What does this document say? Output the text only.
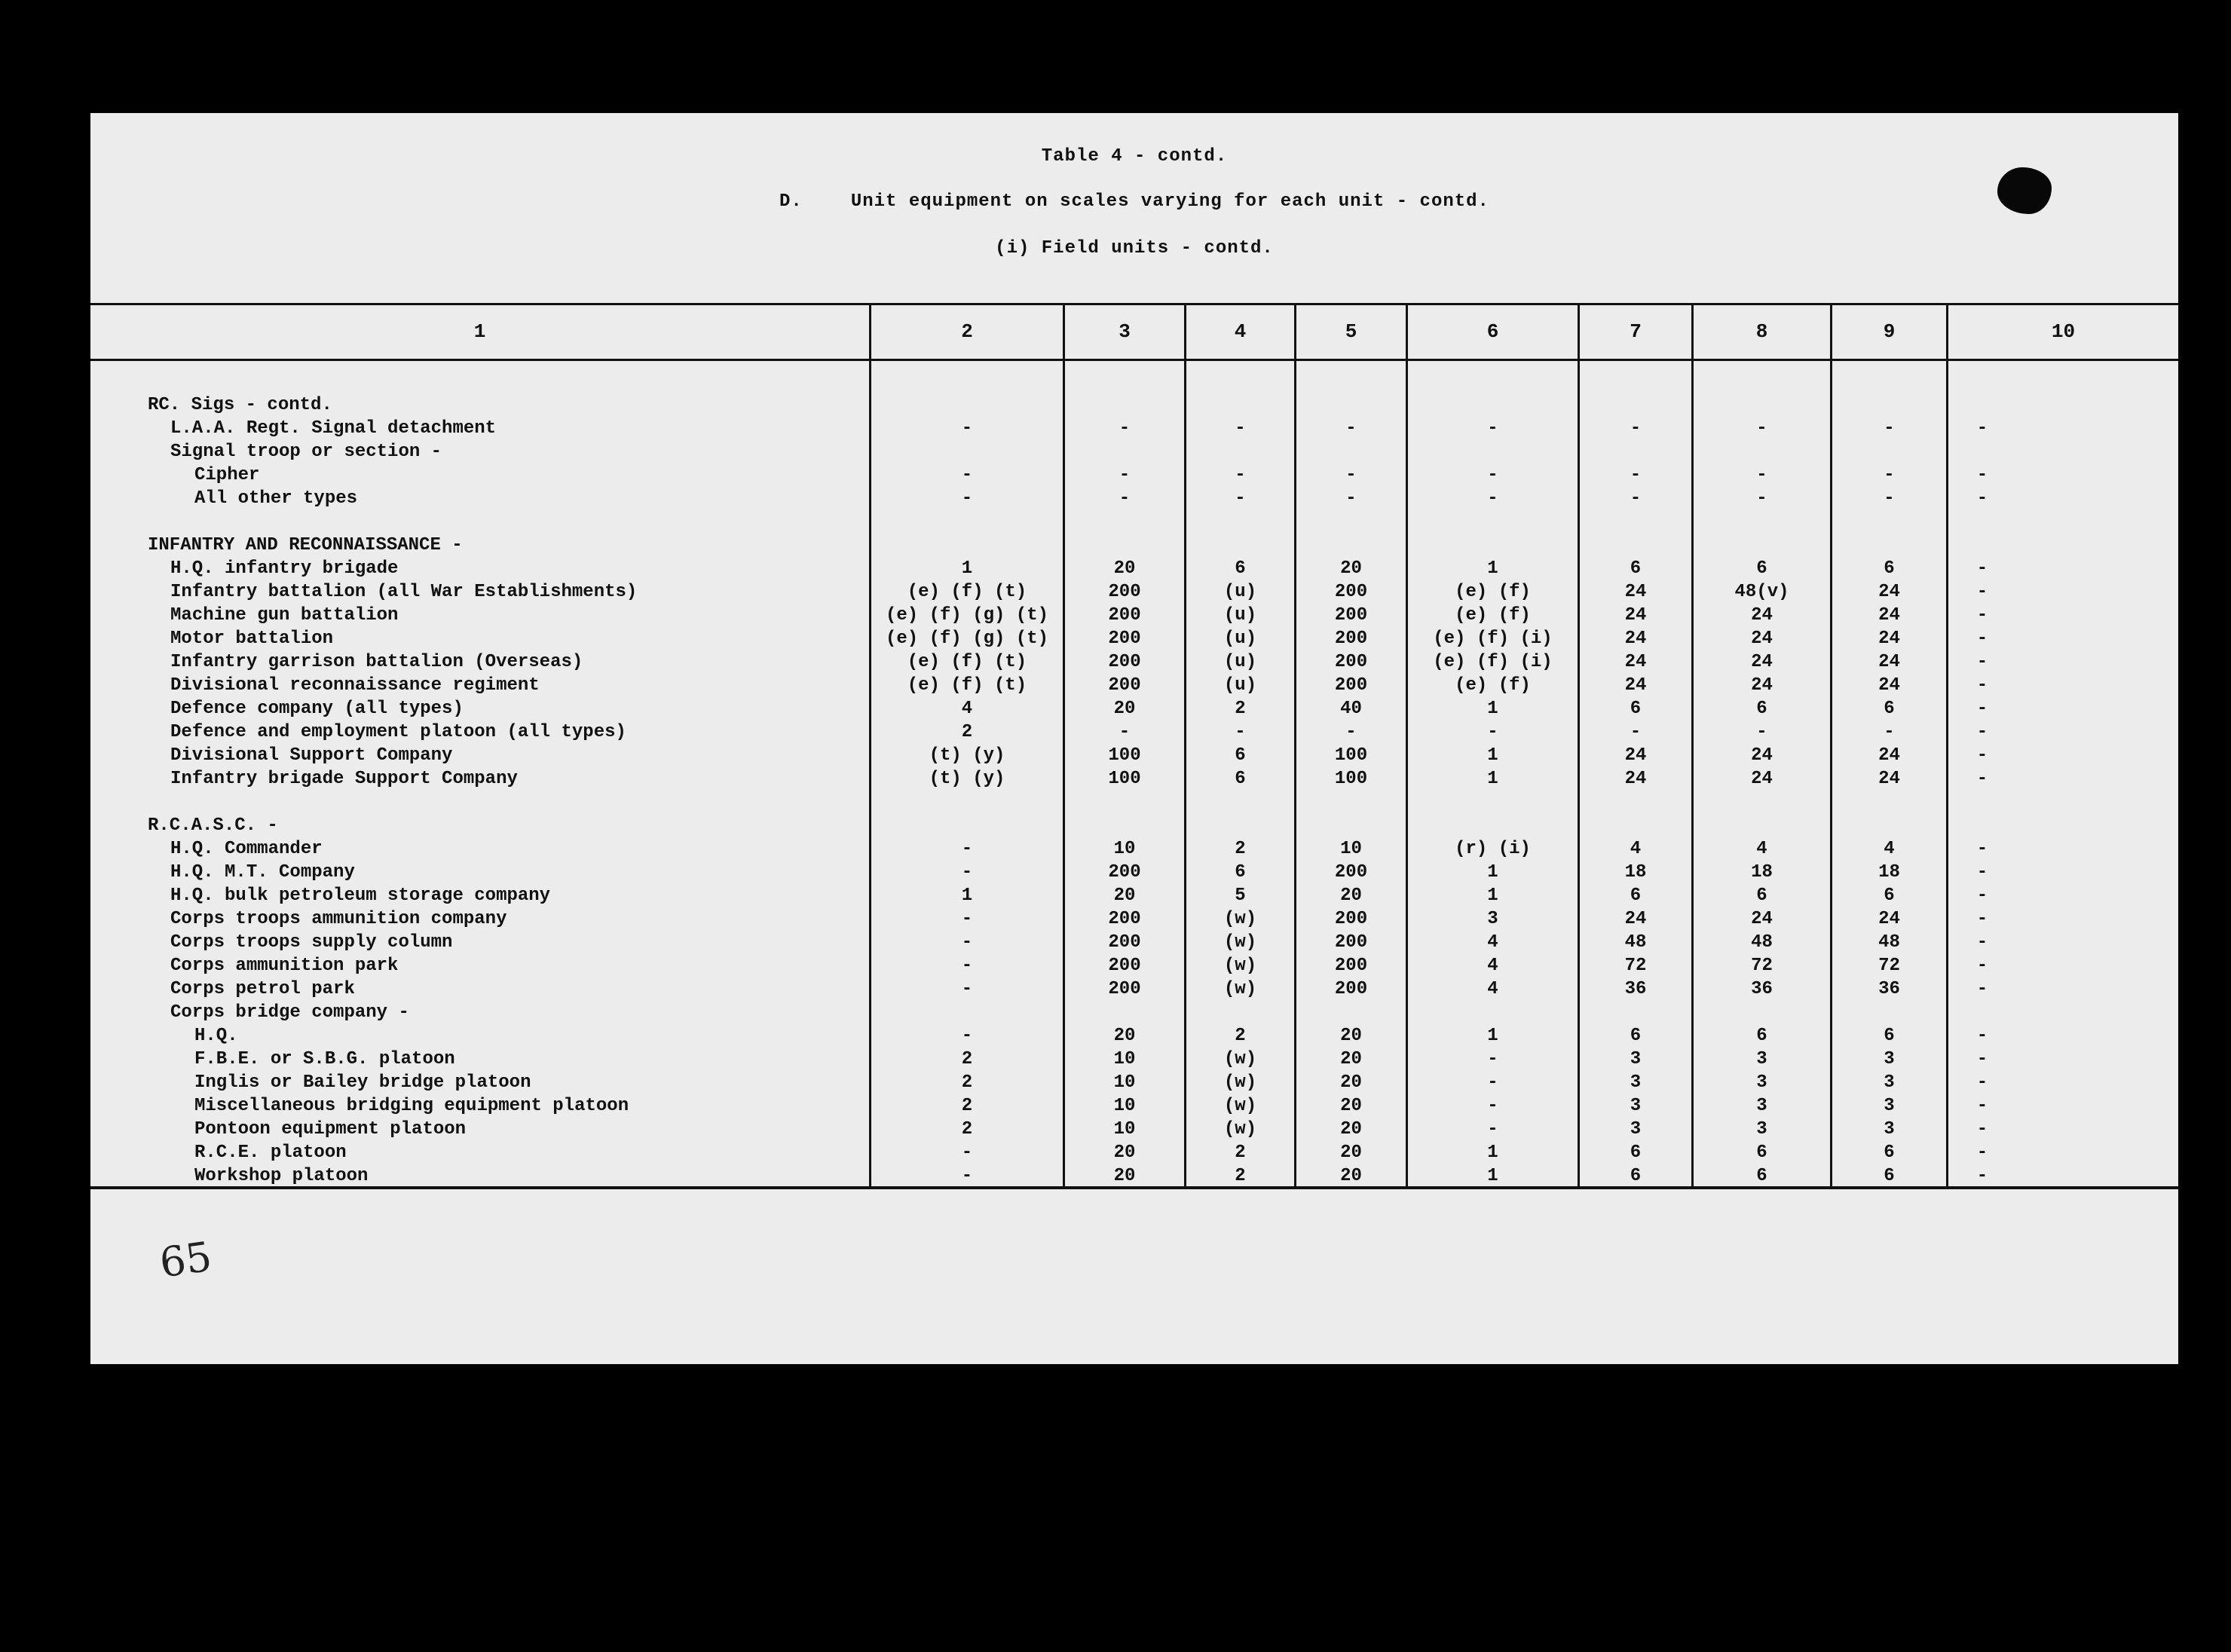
Table 4 - contd.
D.	Unit equipment on scales varying for each unit - contd.
(i) Field units - contd.
1	2	3	4	5	6	7	8	9	10
RC. Sigs - contd.
L.A.A. Regt. Signal detachment	-	-	-	-	-	-	-	-	-
Signal troop or section -
Cipher	-	-	-	-	-	-	-	-	-
All other types	-	-	-	-	-	-	-	-	-
INFANTRY AND RECONNAISSANCE -
H.Q. infantry brigade	1	20	6	20	1	6	6	6	-
Infantry battalion (all War Establishments)	(e) (f) (t)	200	(u)	200	(e) (f)	24	48(v)	24	-
Machine gun battalion	(e) (f) (g) (t)	200	(u)	200	(e) (f)	24	24	24	-
Motor battalion	(e) (f) (g) (t)	200	(u)	200	(e) (f) (i)	24	24	24	-
Infantry garrison battalion (Overseas)	(e) (f) (t)	200	(u)	200	(e) (f) (i)	24	24	24	-
Divisional reconnaissance regiment	(e) (f) (t)	200	(u)	200	(e) (f)	24	24	24	-
Defence company (all types)	4	20	2	40	1	6	6	6	-
Defence and employment platoon (all types)	2	-	-	-	-	-	-	-	-
Divisional Support Company	(t) (y)	100	6	100	1	24	24	24	-
Infantry brigade Support Company	(t) (y)	100	6	100	1	24	24	24	-
R.C.A.S.C. -
H.Q. Commander	-	10	2	10	(r) (i)	4	4	4	-
H.Q. M.T. Company	-	200	6	200	1	18	18	18	-
H.Q. bulk petroleum storage company	1	20	5	20	1	6	6	6	-
Corps troops ammunition company	-	200	(w)	200	3	24	24	24	-
Corps troops supply column	-	200	(w)	200	4	48	48	48	-
Corps ammunition park	-	200	(w)	200	4	72	72	72	-
Corps petrol park	-	200	(w)	200	4	36	36	36	-
Corps bridge company -
H.Q.	-	20	2	20	1	6	6	6	-
F.B.E. or S.B.G. platoon	2	10	(w)	20	-	3	3	3	-
Inglis or Bailey bridge platoon	2	10	(w)	20	-	3	3	3	-
Miscellaneous bridging equipment platoon	2	10	(w)	20	-	3	3	3	-
Pontoon equipment platoon	2	10	(w)	20	-	3	3	3	-
R.C.E. platoon	-	20	2	20	1	6	6	6	-
Workshop platoon	-	20	2	20	1	6	6	6	-
65
